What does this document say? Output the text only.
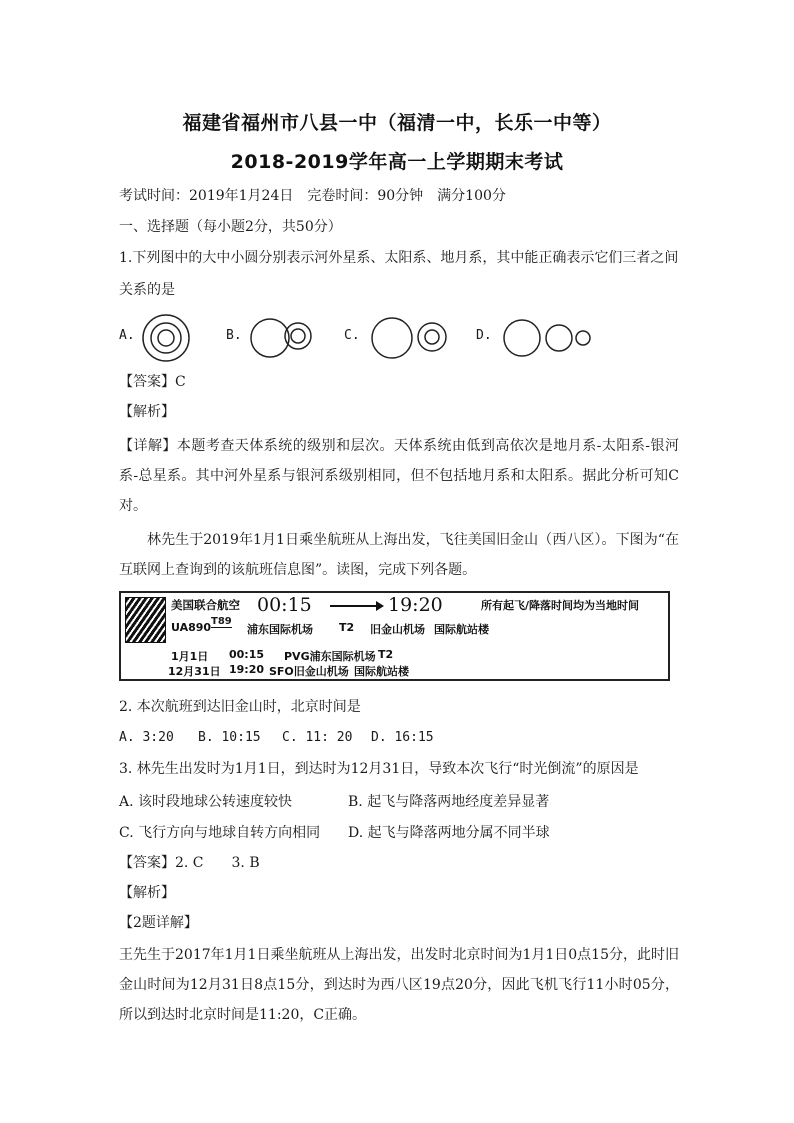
福建省福州市八县一中（福清一中，长乐一中等）
2018-2019学年高一上学期期末考试
考试时间：2019年1月24日　完卷时间：90分钟　满分100分
一、选择题（每小题2分，共50分）
1.下列图中的大中小圆分别表示河外星系、太阳系、地月系，其中能正确表示它们三者之间
关系的是
A.	B.	C.	D.
【答案】C
【解析】
【详解】本题考查天体系统的级别和层次。天体系统由低到高依次是地月系-太阳系-银河系-总星系。其中河外星系与银河系级别相同，但不包括地月系和太阳系。据此分析可知C对。
林先生于2019年1月1日乘坐航班从上海出发，飞往美国旧金山（西八区）。下图为“在互联网上查询到的该航班信息图”。读图，完成下列各题。
美国联合航空 00:15	19:20	所有起飞/降落时间均为当地时间
UA890 T89
浦东国际机场 T2 旧金山机场 国际航站楼
1月1日 00:15 PVG浦东国际机场 T2
12月31日 19:20 SFO旧金山机场 国际航站楼
2. 本次航班到达旧金山时，北京时间是
A. 3:20 B. 10:15 C. 11: 20 D. 16:15
3. 林先生出发时为1月1日，到达时为12月31日，导致本次飞行“时光倒流”的原因是
A. 该时段地球公转速度较快	B. 起飞与降落两地经度差异显著
C. 飞行方向与地球自转方向相同 D. 起飞与降落两地分属不同半球
【答案】2. C　　3. B
【解析】
【2题详解】
王先生于2017年1月1日乘坐航班从上海出发，出发时北京时间为1月1日0点15分，此时旧金山时间为12月31日8点15分，到达时为西八区19点20分，因此飞机飞行11小时05分，所以到达时北京时间是11:20，C正确。
